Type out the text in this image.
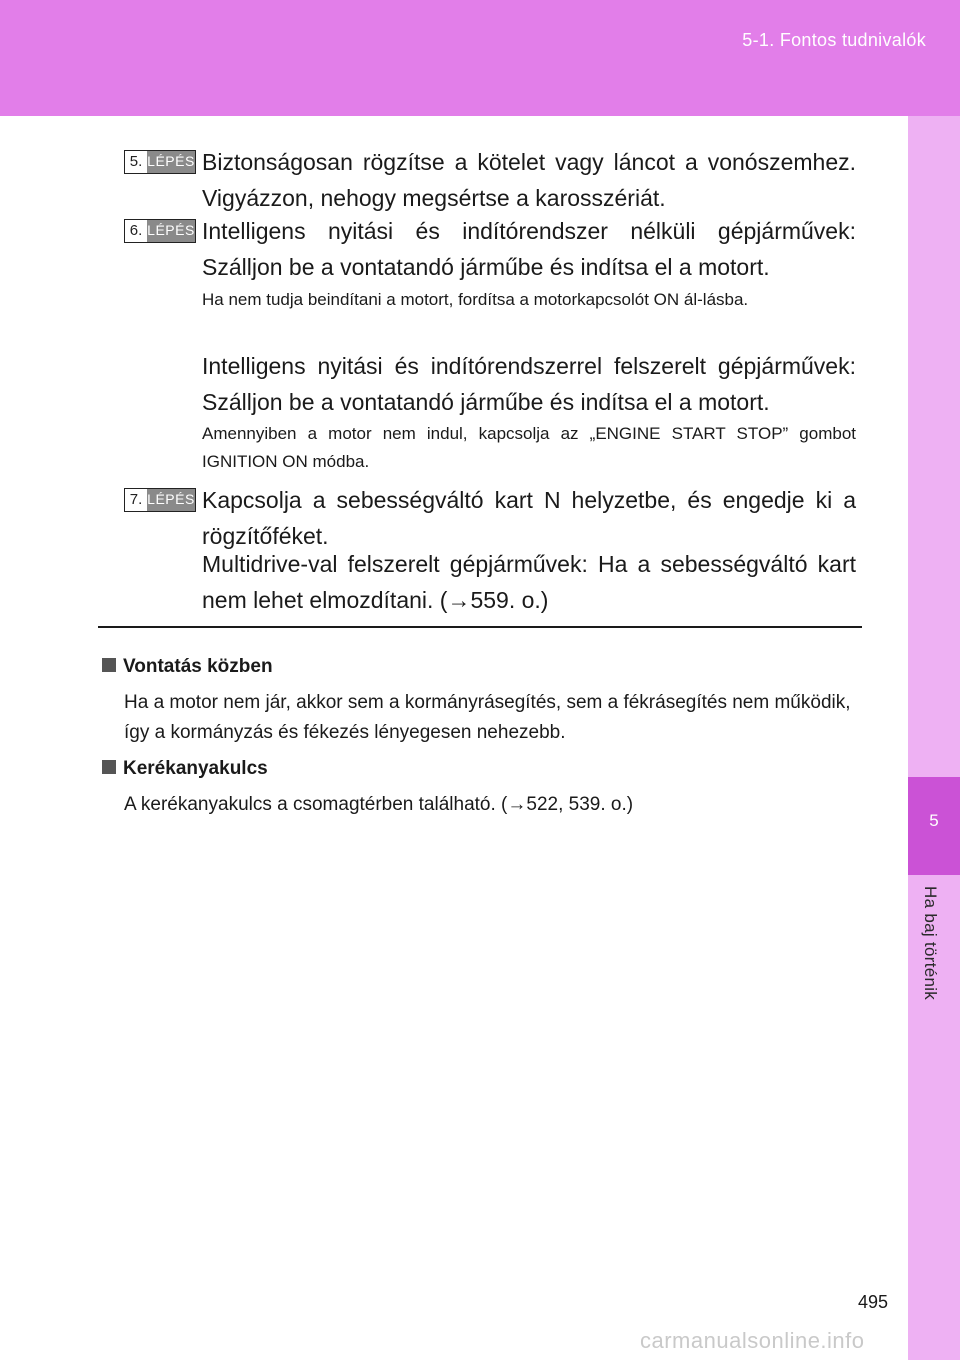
5-1. Fontos tudnivalók
5
Ha baj történik
5. LÉPÉS Biztonságosan rögzítse a kötelet vagy láncot a vonószemhez. Vigyázzon, nehogy megsértse a karosszériát.

6. LÉPÉS Intelligens nyitási és indítórendszer nélküli gépjárművek: Szálljon be a vontatandó járműbe és indítsa el a motort.

Ha nem tudja beindítani a motort, fordítsa a motorkapcsolót ON ál-lásba.

Intelligens nyitási és indítórendszerrel felszerelt gépjárművek: Szálljon be a vontatandó járműbe és indítsa el a motort.

Amennyiben a motor nem indul, kapcsolja az „ENGINE START STOP” gombot IGNITION ON módba.

7. LÉPÉS Kapcsolja a sebességváltó kart N helyzetbe, és engedje ki a rögzítőféket.

Multidrive-val felszerelt gépjárművek: Ha a sebességváltó kart nem lehet elmozdítani. (→559. o.)

Vontatás közben

Ha a motor nem jár, akkor sem a kormányrásegítés, sem a fékrásegítés nem működik, így a kormányzás és fékezés lényegesen nehezebb.

Kerékanyakulcs

A kerékanyakulcs a csomagtérben található. (→522, 539. o.)

495
carmanualsonline.info
